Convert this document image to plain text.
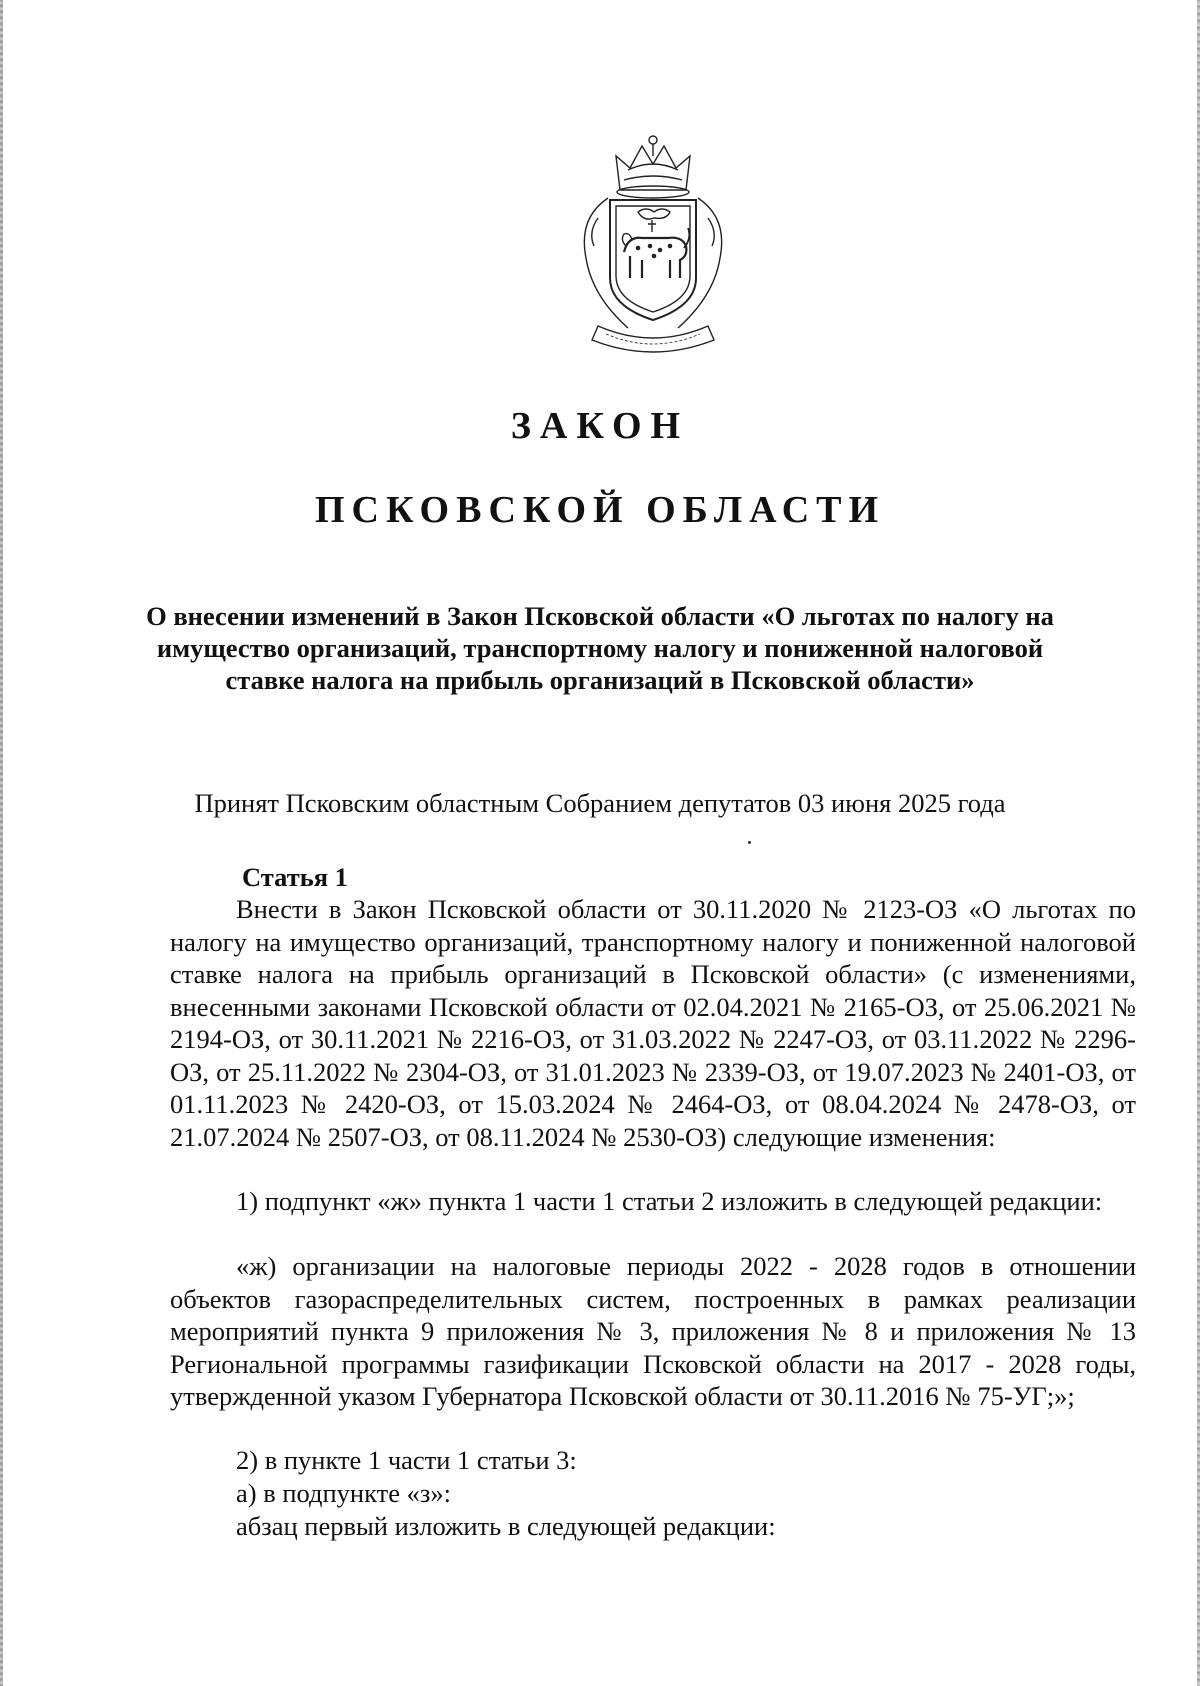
ЗАКОН
ПСКОВСКОЙ ОБЛАСТИ

О внесении изменений в Закон Псковской области «О льготах по налогу на имущество организаций, транспортному налогу и пониженной налоговой ставке налога на прибыль организаций в Псковской области»

Принят Псковским областным Собранием депутатов 03 июня 2025 года

Статья 1

Внести в Закон Псковской области от 30.11.2020 № 2123-ОЗ «О льготах по налогу на имущество организаций, транспортному налогу и пониженной налоговой ставке налога на прибыль организаций в Псковской области» (с изменениями, внесенными законами Псковской области от 02.04.2021 № 2165-ОЗ, от 25.06.2021 № 2194-ОЗ, от 30.11.2021 № 2216-ОЗ, от 31.03.2022 № 2247-ОЗ, от 03.11.2022 № 2296-ОЗ, от 25.11.2022 № 2304-ОЗ, от 31.01.2023 № 2339-ОЗ, от 19.07.2023 № 2401-ОЗ, от 01.11.2023 № 2420-ОЗ, от 15.03.2024 № 2464-ОЗ, от 08.04.2024 № 2478-ОЗ, от 21.07.2024 № 2507-ОЗ, от 08.11.2024 № 2530-ОЗ) следующие изменения:

1) подпункт «ж» пункта 1 части 1 статьи 2 изложить в следующей редакции:

«ж) организации на налоговые периоды 2022 - 2028 годов в отношении объектов газораспределительных систем, построенных в рамках реализации мероприятий пункта 9 приложения № 3, приложения № 8 и приложения № 13 Региональной программы газификации Псковской области на 2017 - 2028 годы, утвержденной указом Губернатора Псковской области от 30.11.2016 № 75-УГ;»;

2) в пункте 1 части 1 статьи 3:

а) в подпункте «з»:

абзац первый изложить в следующей редакции:
